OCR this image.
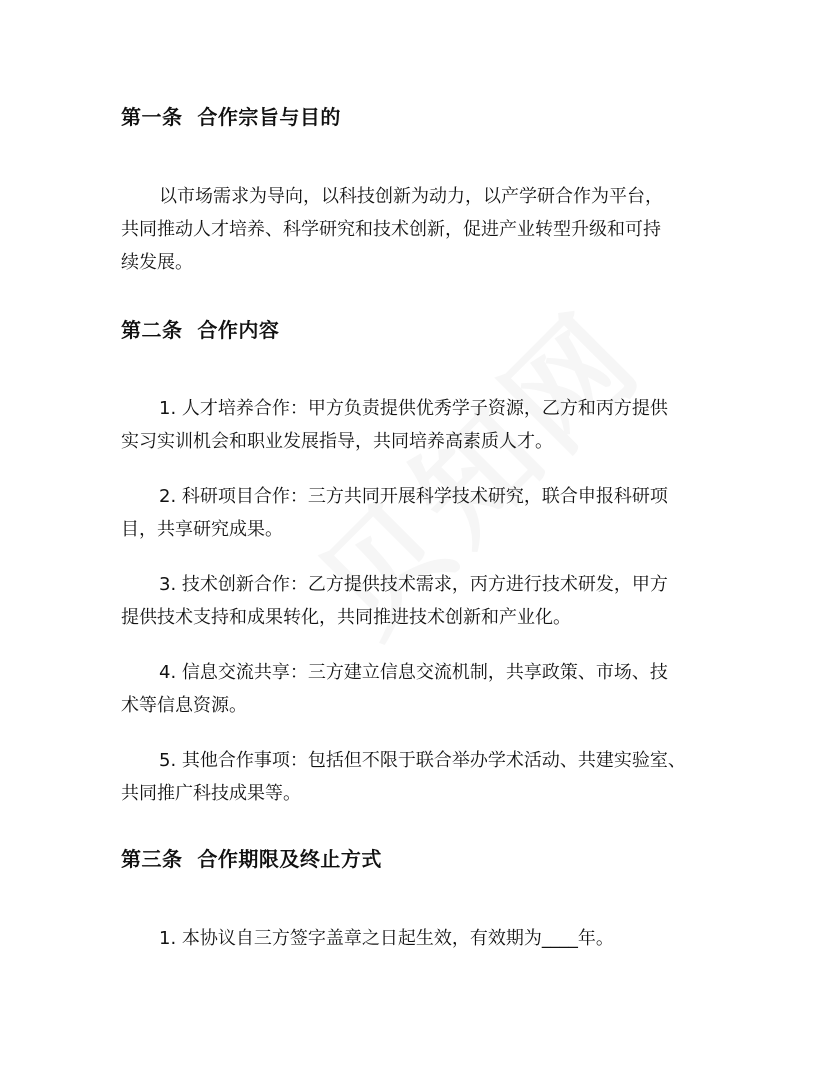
第一条  合作宗旨与目的
以市场需求为导向，以科技创新为动力，以产学研合作为平台，
共同推动人才培养、科学研究和技术创新，促进产业转型升级和可持
续发展。
第二条  合作内容
1. 人才培养合作：甲方负责提供优秀学子资源，乙方和丙方提供
实习实训机会和职业发展指导，共同培养高素质人才。
2. 科研项目合作：三方共同开展科学技术研究，联合申报科研项
目，共享研究成果。
3. 技术创新合作：乙方提供技术需求，丙方进行技术研发，甲方
提供技术支持和成果转化，共同推进技术创新和产业化。
4. 信息交流共享：三方建立信息交流机制，共享政策、市场、技
术等信息资源。
5. 其他合作事项：包括但不限于联合举办学术活动、共建实验室、
共同推广科技成果等。
第三条  合作期限及终止方式
1. 本协议自三方签字盖章之日起生效，有效期为____年。
